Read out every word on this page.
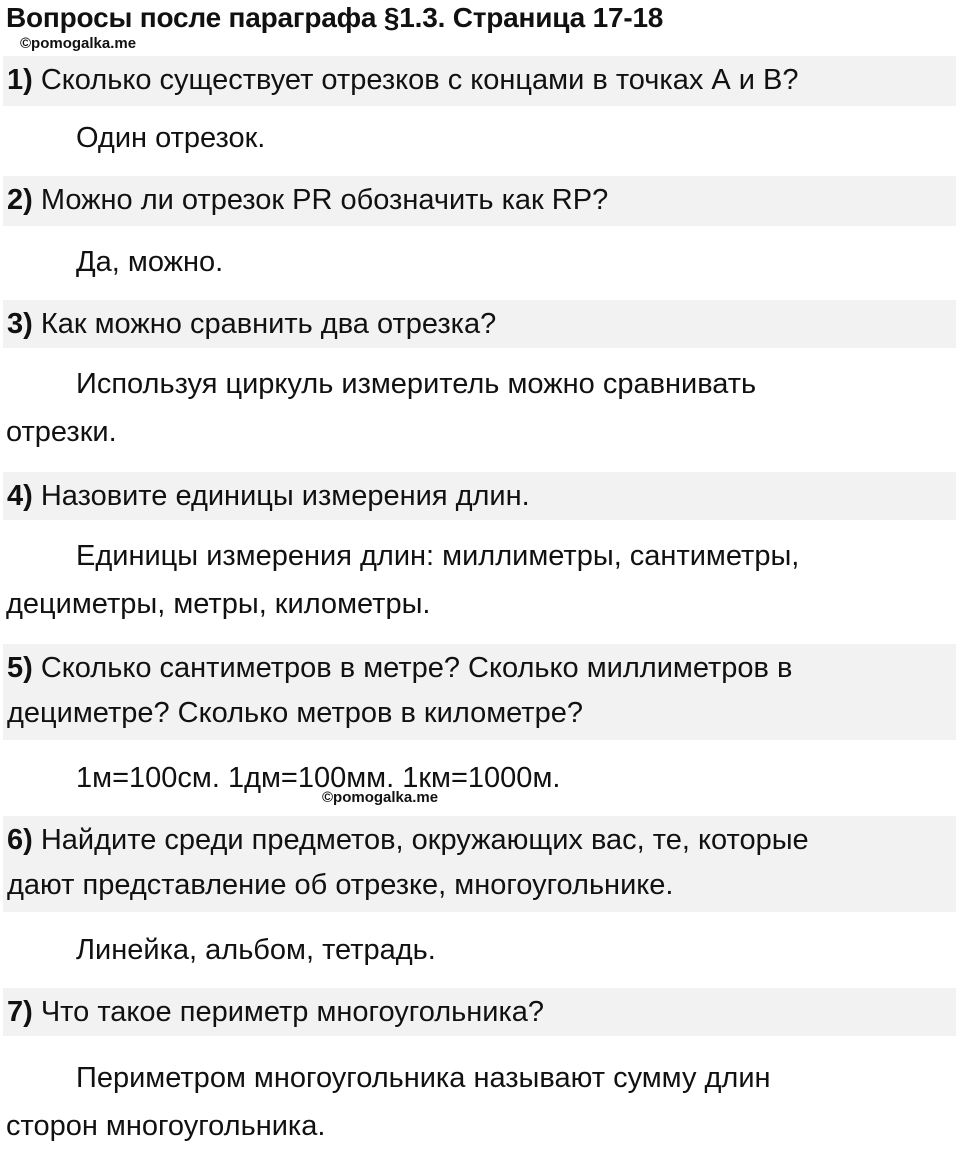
Вопросы после параграфа §1.3. Страница 17-18
©pomogalka.me
1) Сколько существует отрезков с концами в точках А и В?
Один отрезок.
2) Можно ли отрезок PR обозначить как RP?
Да, можно.
3) Как можно сравнить два отрезка?
Используя циркуль измеритель можно сравнивать
отрезки.
4) Назовите единицы измерения длин.
Единицы измерения длин: миллиметры, сантиметры,
дециметры, метры, километры.
5) Сколько сантиметров в метре? Сколько миллиметров в
дециметре? Сколько метров в километре?
1м=100см. 1дм=100мм. 1км=1000м.
©pomogalka.me
6) Найдите среди предметов, окружающих вас, те, которые
дают представление об отрезке, многоугольнике.
Линейка, альбом, тетрадь.
7) Что такое периметр многоугольника?
Периметром многоугольника называют сумму длин
сторон многоугольника.
